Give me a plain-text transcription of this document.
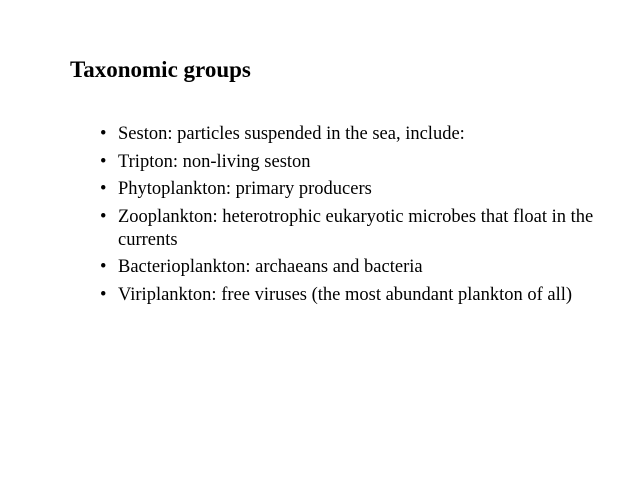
Taxonomic groups
• Seston: particles suspended in the sea, include:
• Tripton: non-living seston
• Phytoplankton: primary producers
• Zooplankton: heterotrophic eukaryotic microbes that float in the currents
• Bacterioplankton: archaeans and bacteria
• Viriplankton: free viruses (the most abundant plankton of all)
